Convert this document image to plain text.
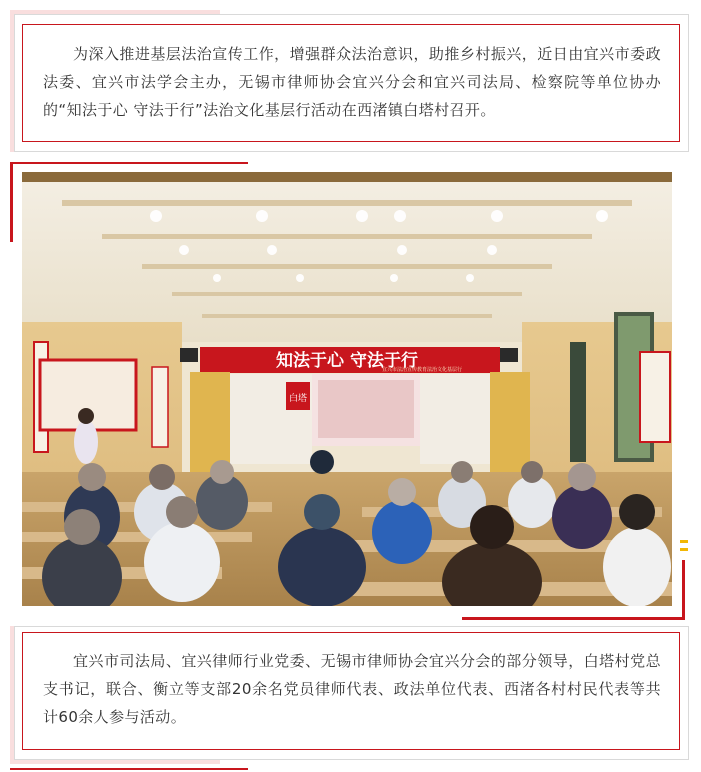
为深入推进基层法治宣传工作，增强群众法治意识，助推乡村振兴，近日由宜兴市委政法委、宜兴市法学会主办，无锡市律师协会宜兴分会和宜兴司法局、检察院等单位协办的“知法于心 守法于行”法治文化基层行活动在西渚镇白塔村召开。

知法于心 守法于行
宜兴市法治宣传教育法治文化基层行
白塔

宜兴市司法局、宜兴律师行业党委、无锡市律师协会宜兴分会的部分领导，白塔村党总支书记，联合、衡立等支部20余名党员律师代表、政法单位代表、西渚各村村民代表等共计60余人参与活动。
